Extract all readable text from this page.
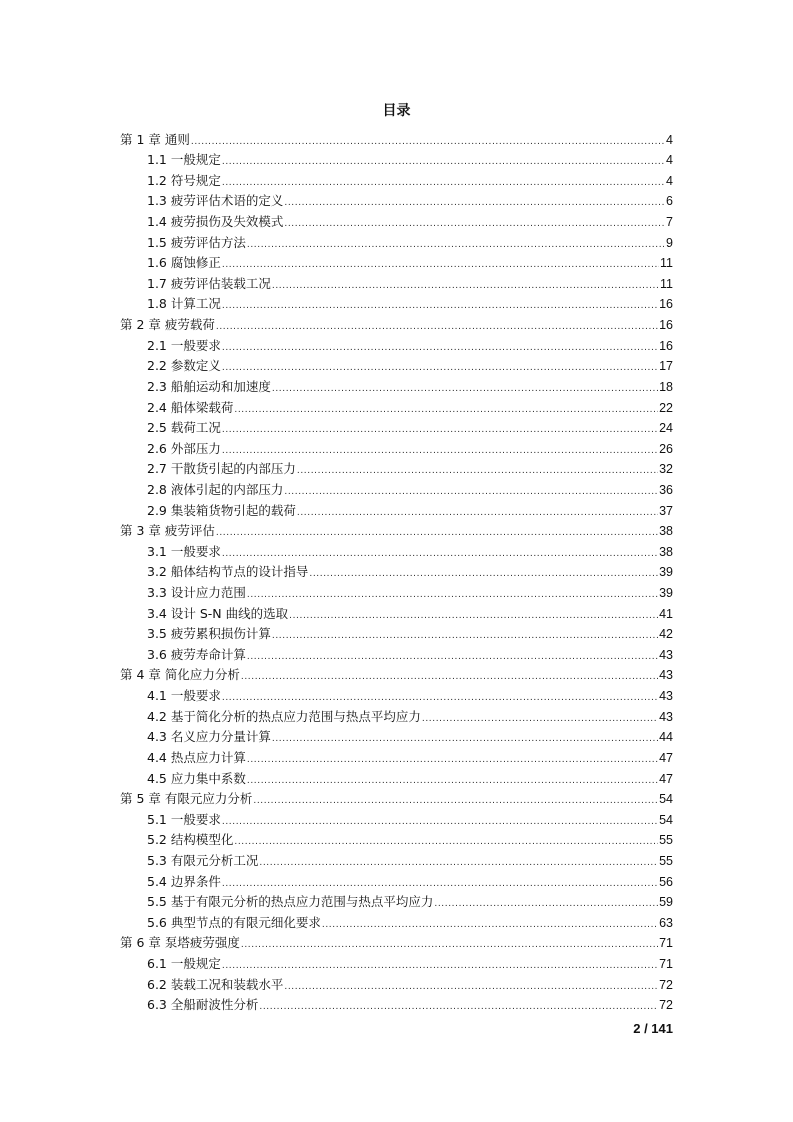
目录
第 1 章 通则 .....	4
1.1 一般规定 .....	4
1.2 符号规定 .....	4
1.3 疲劳评估术语的定义 .....	6
1.4 疲劳损伤及失效模式 .....	7
1.5 疲劳评估方法 .....	9
1.6 腐蚀修正 .....	11
1.7 疲劳评估装载工况 .....	11
1.8 计算工况 .....	16
第 2 章 疲劳载荷 .....	16
2.1 一般要求 .....	16
2.2 参数定义 .....	17
2.3 船舶运动和加速度 .....	18
2.4 船体梁载荷 .....	22
2.5 载荷工况 .....	24
2.6 外部压力 .....	26
2.7 干散货引起的内部压力 .....	32
2.8 液体引起的内部压力 .....	36
2.9 集装箱货物引起的载荷 .....	37
第 3 章 疲劳评估 .....	38
3.1 一般要求 .....	38
3.2 船体结构节点的设计指导 .....	39
3.3 设计应力范围 .....	39
3.4 设计 S-N 曲线的选取 .....	41
3.5 疲劳累积损伤计算 .....	42
3.6 疲劳寿命计算 .....	43
第 4 章 简化应力分析 .....	43
4.1 一般要求 .....	43
4.2 基于简化分析的热点应力范围与热点平均应力 .....	43
4.3 名义应力分量计算 .....	44
4.4 热点应力计算 .....	47
4.5 应力集中系数 .....	47
第 5 章 有限元应力分析 .....	54
5.1 一般要求 .....	54
5.2 结构模型化 .....	55
5.3 有限元分析工况 .....	55
5.4 边界条件 .....	56
5.5 基于有限元分析的热点应力范围与热点平均应力 .....	59
5.6 典型节点的有限元细化要求 .....	63
第 6 章 泵塔疲劳强度 .....	71
6.1 一般规定 .....	71
6.2 装载工况和装载水平 .....	72
6.3 全船耐波性分析 .....	72
2 / 141
